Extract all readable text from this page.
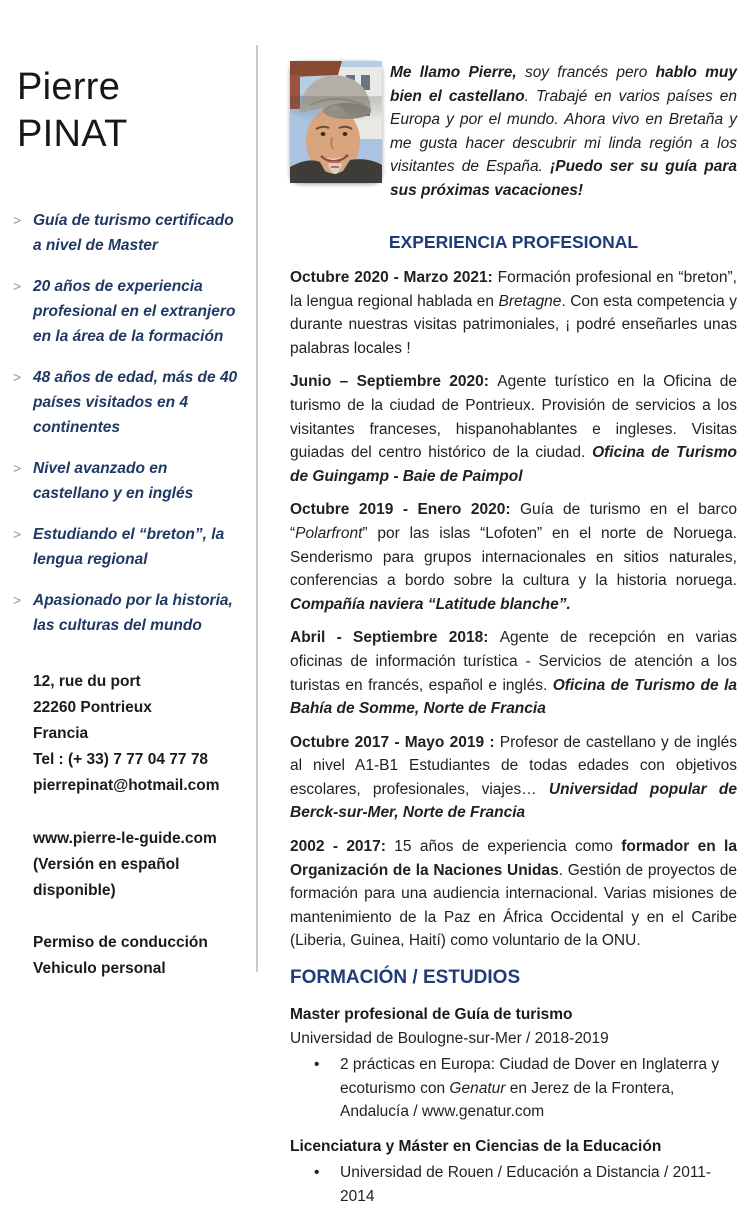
Pierre
PINAT
> Guía de turismo certificado a nivel de Master
> 20 años de experiencia profesional en el extranjero en la área de la formación
> 48 años de edad, más de 40 países visitados en 4 continentes
> Nivel avanzado en castellano y en inglés
> Estudiando el “breton”, la lengua regional
> Apasionado por la historia, las culturas del mundo
12, rue du port
22260 Pontrieux
Francia
Tel : (+ 33) 7 77 04 77 78
pierrepinat@hotmail.com
www.pierre-le-guide.com
(Versión en español disponible)
Permiso de conducción
Vehiculo personal

Me llamo Pierre, soy francés pero hablo muy bien el castellano. Trabajé en varios países en Europa y por el mundo. Ahora vivo en Bretaña y me gusta hacer descubrir mi linda región a los visitantes de España. ¡Puedo ser su guía para sus próximas vacaciones!

EXPERIENCIA PROFESIONAL

Octubre 2020 - Marzo 2021: Formación profesional en “breton”, la lengua regional hablada en Bretagne. Con esta competencia y durante nuestras visitas patrimoniales, ¡ podré enseñarles unas palabras locales !

Junio – Septiembre 2020: Agente turístico en la Oficina de turismo de la ciudad de Pontrieux. Provisión de servicios a los visitantes franceses, hispanohablantes e ingleses. Visitas guiadas del centro histórico de la ciudad. Oficina de Turismo de Guingamp - Baie de Paimpol

Octubre 2019 - Enero 2020: Guía de turismo en el barco “Polarfront” por las islas “Lofoten” en el norte de Noruega. Senderismo para grupos internacionales en sitios naturales, conferencias a bordo sobre la cultura y la historia noruega. Compañía naviera “Latitude blanche”.

Abril - Septiembre 2018: Agente de recepción en varias oficinas de información turística - Servicios de atención a los turistas en francés, español e inglés. Oficina de Turismo de la Bahía de Somme, Norte de Francia

Octubre 2017 - Mayo 2019 : Profesor de castellano y de inglés al nivel A1-B1 Estudiantes de todas edades con objetivos escolares, profesionales, viajes… Universidad popular de Berck-sur-Mer, Norte de Francia

2002 - 2017: 15 años de experiencia como formador en la Organización de la Naciones Unidas. Gestión de proyectos de formación para una audiencia internacional. Varias misiones de mantenimiento de la Paz en África Occidental y en el Caribe (Liberia, Guinea, Haití) como voluntario de la ONU.

FORMACIÓN / ESTUDIOS

Master profesional de Guía de turismo

Universidad de Boulogne-sur-Mer / 2018-2019

•	2 prácticas en Europa: Ciudad de Dover en Inglaterra y ecoturismo con Genatur en Jerez de la Frontera, Andalucía / www.genatur.com

Licenciatura y Máster en Ciencias de la Educación

•	Universidad de Rouen / Educación a Distancia / 2011-2014
